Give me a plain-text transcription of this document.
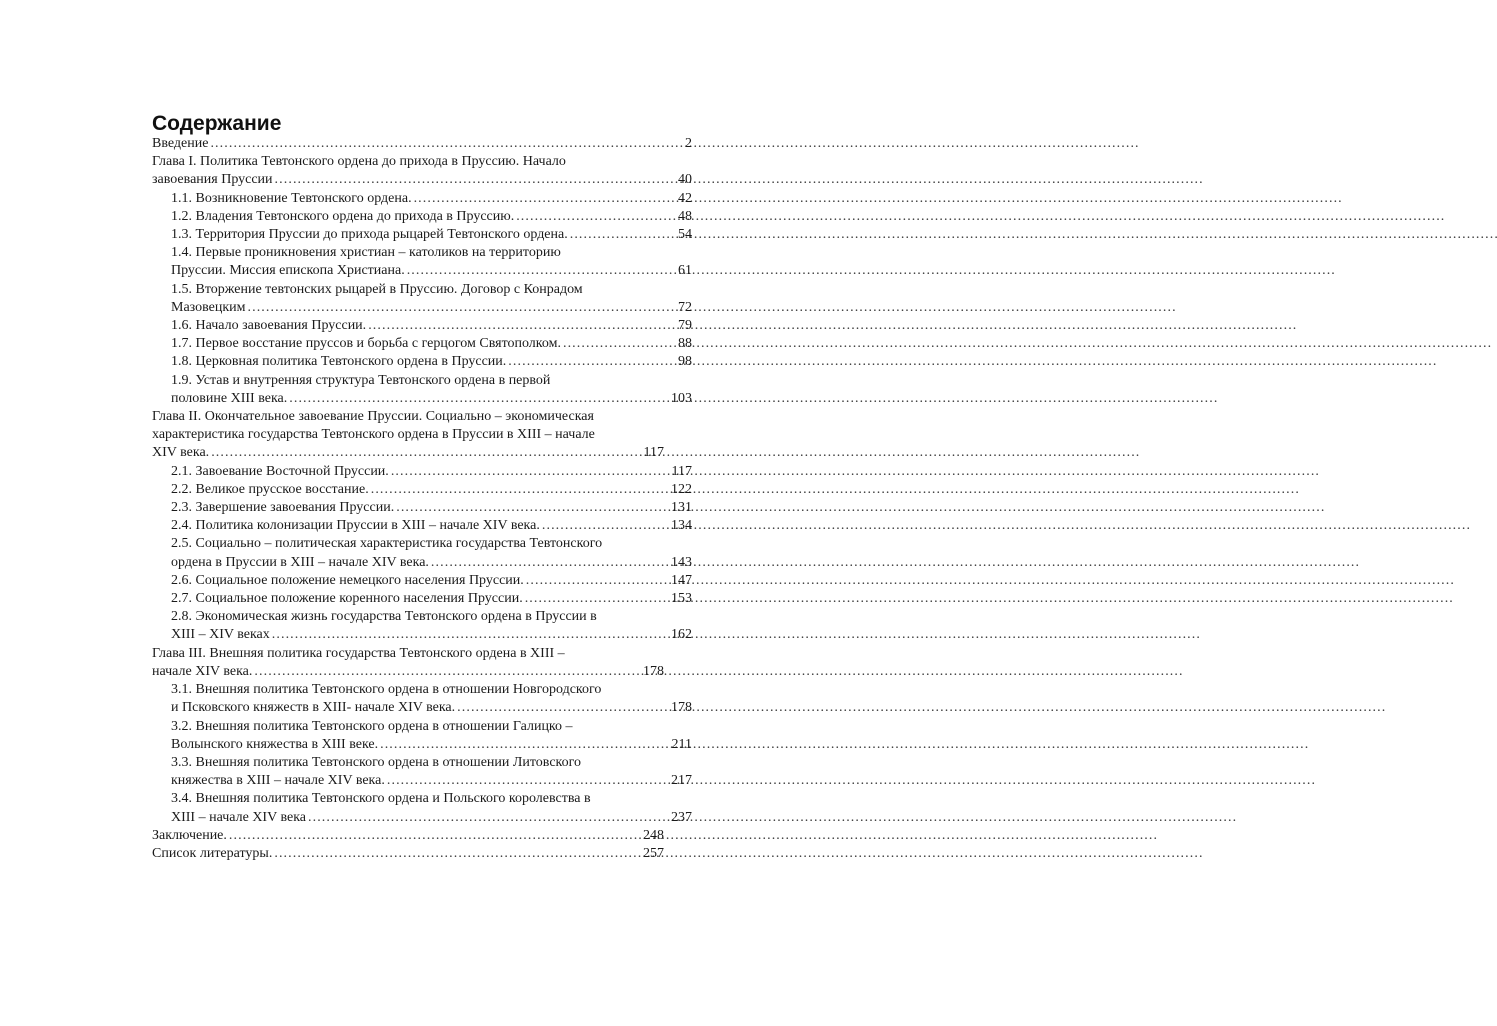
Содержание
Введение . . .	2
Глава I. Политика Тевтонского ордена до прихода в Пруссию. Начало
завоевания Пруссии . . .	40
1.1. Возникновение Тевтонского ордена. . . .	42
1.2. Владения Тевтонского ордена до прихода в Пруссию. . . .	48
1.3. Территория Пруссии до прихода рыцарей Тевтонского ордена. . . .	54
1.4. Первые проникновения христиан – католиков на территорию
Пруссии. Миссия епископа Христиана. . . .	61
1.5. Вторжение тевтонских рыцарей в Пруссию. Договор с Конрадом
Мазовецким . . .	72
1.6. Начало завоевания Пруссии. . . .	79
1.7. Первое восстание пруссов и борьба с герцогом Святополком. . . .	88
1.8. Церковная политика Тевтонского ордена в Пруссии. . . .	98
1.9. Устав и внутренняя структура Тевтонского ордена в первой
половине XIII века. . . .	103
Глава II. Окончательное завоевание Пруссии. Социально – экономическая
характеристика государства Тевтонского ордена в Пруссии в XIII – начале
XIV века. . . .	117
2.1. Завоевание Восточной Пруссии. . . .	117
2.2. Великое прусское восстание. . . .	122
2.3. Завершение завоевания Пруссии. . . .	131
2.4. Политика колонизации Пруссии в XIII – начале XIV века. . . .	134
2.5. Социально – политическая характеристика государства Тевтонского
ордена в Пруссии в XIII – начале XIV века. . . .	143
2.6. Социальное положение немецкого населения Пруссии. . . .	147
2.7. Социальное положение коренного населения Пруссии. . . .	153
2.8. Экономическая жизнь государства Тевтонского ордена в Пруссии в
XIII – XIV веках . . .	162
Глава III. Внешняя политика государства Тевтонского ордена в XIII –
начале XIV века. . . .	178
3.1. Внешняя политика Тевтонского ордена в отношении Новгородского
и Псковского княжеств в XIII- начале XIV века. . . .	178
3.2. Внешняя политика Тевтонского ордена в отношении Галицко –
Волынского княжества в XIII веке. . . .	211
3.3. Внешняя политика Тевтонского ордена в отношении Литовского
княжества в XIII – начале XIV века. . . .	217
3.4. Внешняя политика Тевтонского ордена и Польского королевства в
XIII – начале XIV века . . .	237
Заключение. . . .	248
Список литературы. . . .	257
